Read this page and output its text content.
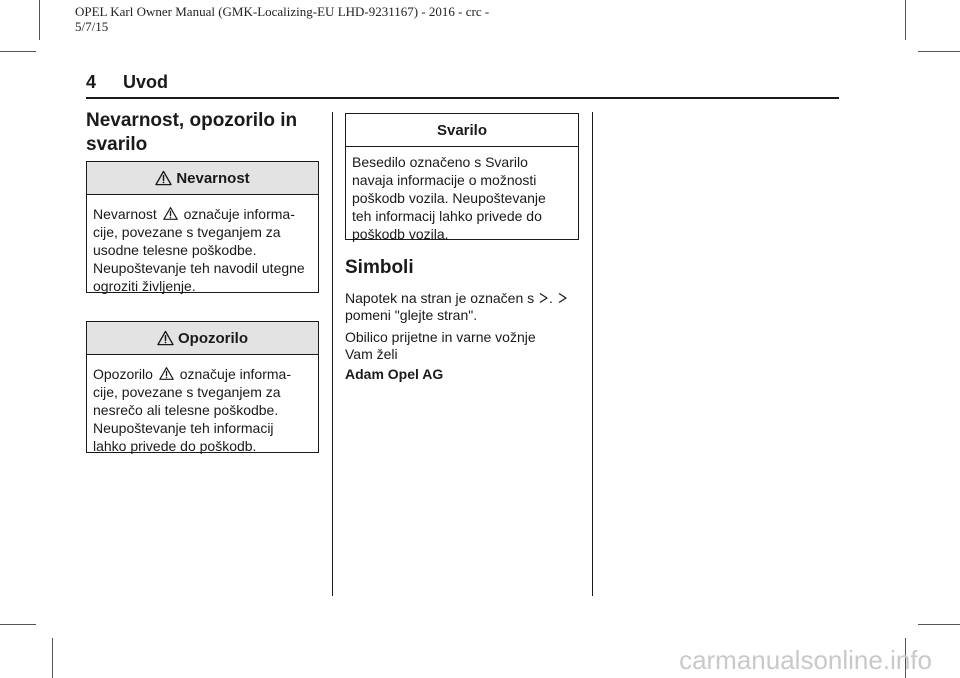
OPEL Karl Owner Manual (GMK-Localizing-EU LHD-9231167) - 2016 - crc -
5/7/15
4 Uvod
Nevarnost, opozorilo in svarilo
Nevarnost
Nevarnost označuje informa-
cije, povezane s tveganjem za
usodne telesne poškodbe.
Neupoštevanje teh navodil utegne
ogroziti življenje.
Opozorilo
Opozorilo označuje informa-
cije, povezane s tveganjem za
nesrečo ali telesne poškodbe.
Neupoštevanje teh informacij
lahko privede do poškodb.
Svarilo
Besedilo označeno s Svarilo
navaja informacije o možnosti
poškodb vozila. Neupoštevanje
teh informacij lahko privede do
poškodb vozila.
Simboli
Napotek na stran je označen s .
pomeni "glejte stran".
Obilico prijetne in varne vožnje
Vam želi
Adam Opel AG
carmanualsonline.info
